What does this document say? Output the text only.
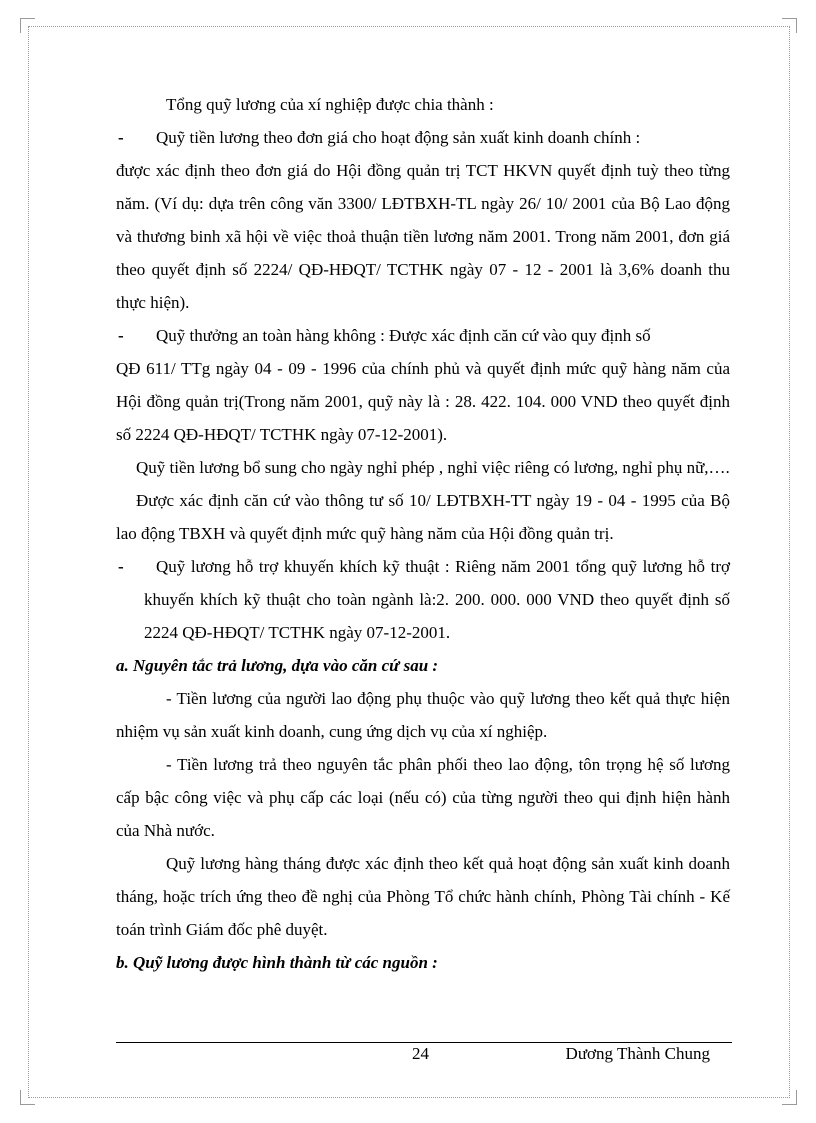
Tổng quỹ lương của xí nghiệp được chia thành :

-	Quỹ tiền lương theo đơn giá cho hoạt động sản xuất kinh doanh chính :

được xác định theo đơn giá do Hội đồng quản trị TCT HKVN quyết định tuỳ theo từng năm. (Ví dụ: dựa trên công văn 3300/ LĐTBXH-TL ngày 26/ 10/ 2001 của Bộ Lao động và thương binh xã hội về việc thoả thuận tiền lương năm 2001. Trong năm 2001, đơn giá theo quyết định số 2224/ QĐ-HĐQT/ TCTHK ngày 07 - 12 - 2001 là 3,6% doanh thu thực hiện).

-	Quỹ thưởng an toàn hàng không : Được xác định căn cứ vào quy định số

QĐ 611/ TTg ngày 04 - 09 - 1996 của chính phủ và quyết định mức quỹ hàng năm của Hội đồng quản trị(Trong năm 2001, quỹ này là : 28. 422. 104. 000 VND theo quyết định số 2224 QĐ-HĐQT/ TCTHK ngày 07-12-2001).

Quỹ tiền lương bổ sung cho ngày nghỉ phép , nghỉ việc riêng có lương, nghỉ phụ nữ,….

Được xác định căn cứ vào thông tư số 10/ LĐTBXH-TT ngày 19 - 04 - 1995 của Bộ lao động TBXH và quyết định mức quỹ hàng năm của Hội đồng quản trị.

-	Quỹ lương hỗ trợ khuyến khích kỹ thuật : Riêng năm 2001 tổng quỹ lương hỗ trợ khuyến khích kỹ thuật cho toàn ngành là:2. 200. 000. 000 VND theo quyết định số 2224 QĐ-HĐQT/ TCTHK ngày 07-12-2001.

a. Nguyên tắc trả lương, dựa vào căn cứ sau :

- Tiền lương của người lao động phụ thuộc vào quỹ lương theo kết quả thực hiện nhiệm vụ sản xuất kinh doanh, cung ứng dịch vụ của xí nghiệp.

- Tiền lương trả theo nguyên tắc phân phối theo lao động, tôn trọng hệ số lương cấp bậc công việc và phụ cấp các loại (nếu có) của từng người theo qui định hiện hành của Nhà nước.

Quỹ lương hàng tháng được xác định theo kết quả hoạt động sản xuất kinh doanh tháng, hoặc trích ứng theo đề nghị của Phòng Tổ chức hành chính, Phòng Tài chính - Kế toán trình Giám đốc phê duyệt.

b. Quỹ lương được hình thành từ các nguồn :

24	Dương Thành Chung
